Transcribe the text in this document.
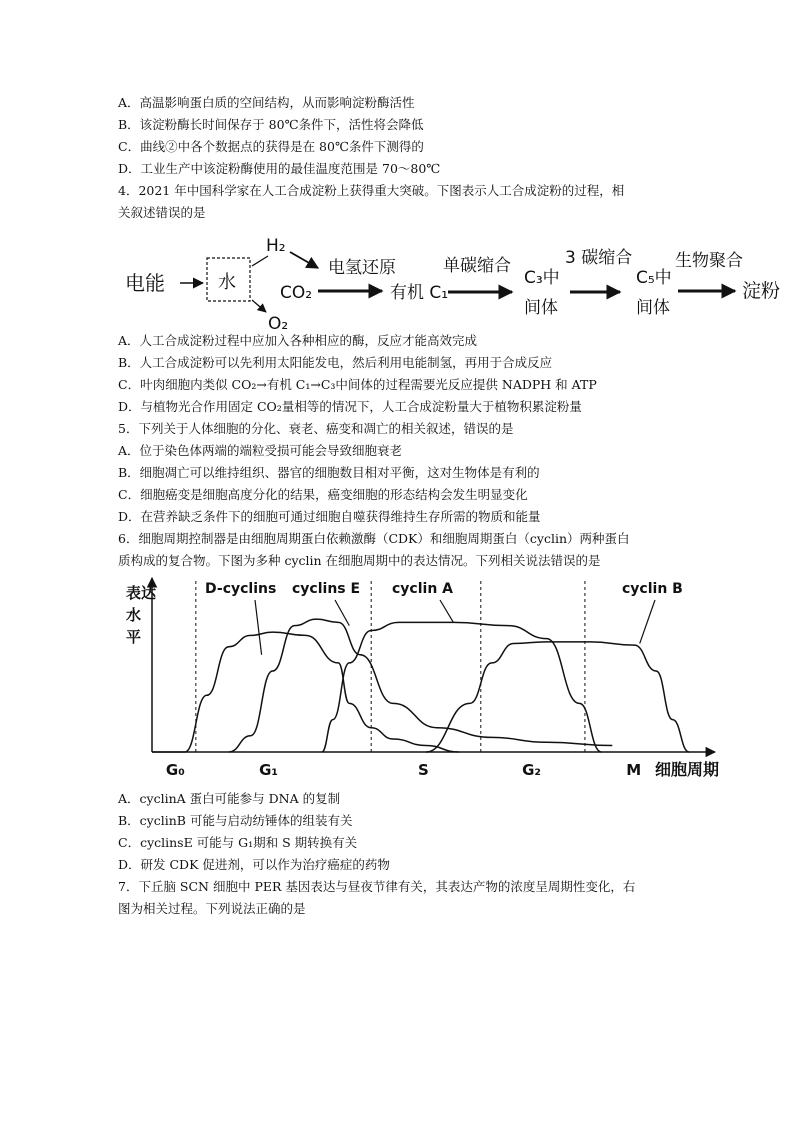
A．高温影响蛋白质的空间结构，从而影响淀粉酶活性
B．该淀粉酶长时间保存于 80℃条件下，活性将会降低
C．曲线②中各个数据点的获得是在 80℃条件下测得的
D．工业生产中该淀粉酶使用的最佳温度范围是 70～80℃
4．2021 年中国科学家在人工合成淀粉上获得重大突破。下图表示人工合成淀粉的过程，相
关叙述错误的是
电能	水
H₂
O₂
CO₂
电氢还原
有机 C₁
单碳缩合
C₃中
间体
3 碳缩合
C₅中
间体
生物聚合
淀粉
A．人工合成淀粉过程中应加入各种相应的酶，反应才能高效完成
B．人工合成淀粉可以先利用太阳能发电，然后利用电能制氢，再用于合成反应
C．叶肉细胞内类似 CO₂→有机 C₁→C₃中间体的过程需要光反应提供 NADPH 和 ATP
D．与植物光合作用固定 CO₂量相等的情况下，人工合成淀粉量大于植物积累淀粉量
5．下列关于人体细胞的分化、衰老、癌变和凋亡的相关叙述，错误的是
A．位于染色体两端的端粒受损可能会导致细胞衰老
B．细胞凋亡可以维持组织、器官的细胞数目相对平衡，这对生物体是有利的
C．细胞癌变是细胞高度分化的结果，癌变细胞的形态结构会发生明显变化
D．在营养缺乏条件下的细胞可通过细胞自噬获得维持生存所需的物质和能量
6．细胞周期控制器是由细胞周期蛋白依赖激酶（CDK）和细胞周期蛋白（cyclin）两种蛋白
质构成的复合物。下图为多种 cyclin 在细胞周期中的表达情况。下列相关说法错误的是
表达
水
平
细胞周期
G₀	G₁	S	G₂	M
D-cyclins cyclins E cyclin A	cyclin B
A．cyclinA 蛋白可能参与 DNA 的复制
B．cyclinB 可能与启动纺锤体的组装有关
C．cyclinsE 可能与 G₁期和 S 期转换有关
D．研发 CDK 促进剂，可以作为治疗癌症的药物
7．下丘脑 SCN 细胞中 PER 基因表达与昼夜节律有关，其表达产物的浓度呈周期性变化，右
图为相关过程。下列说法正确的是
